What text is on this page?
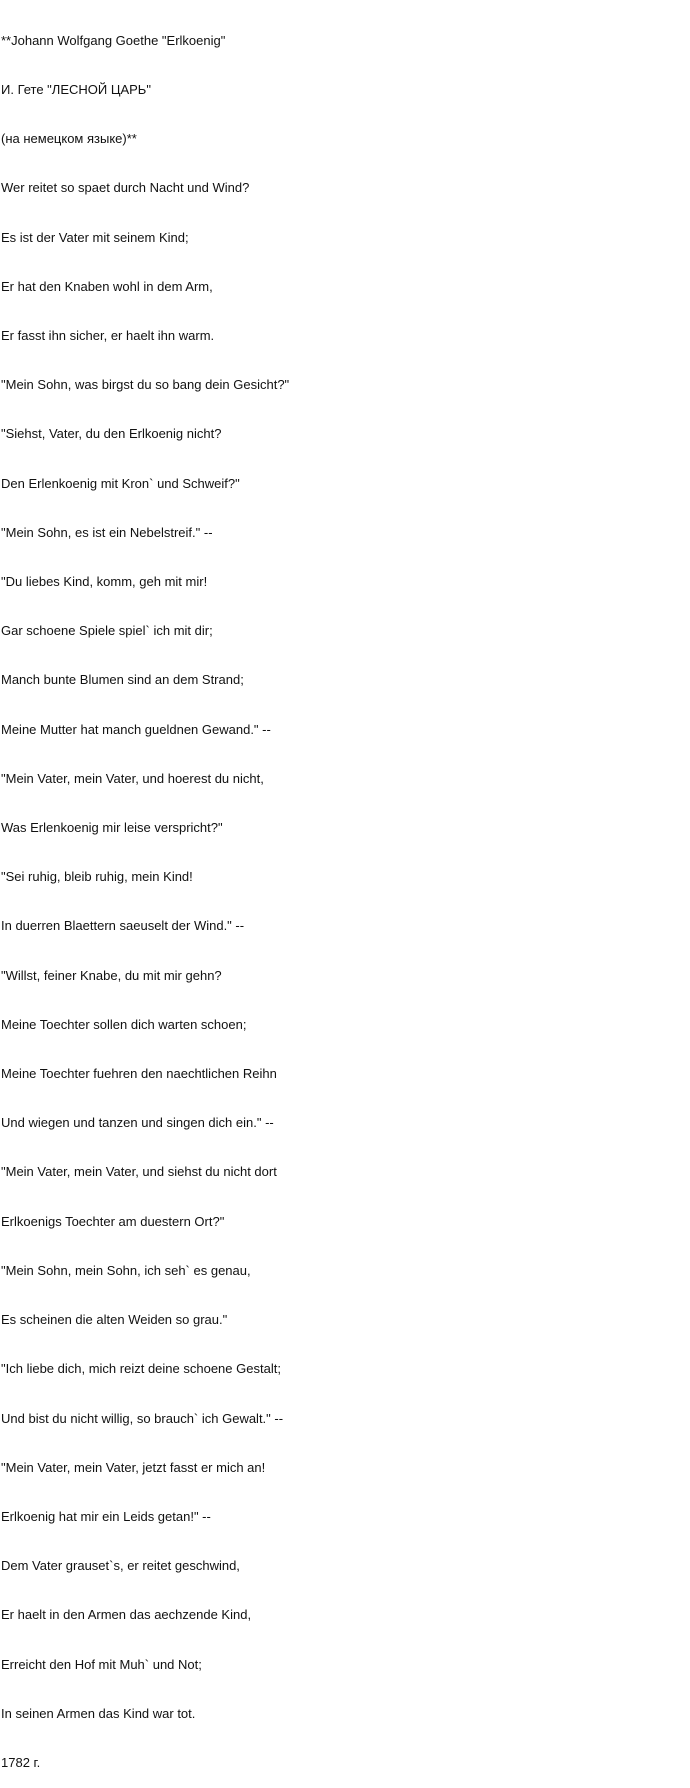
**Johann Wolfgang Goethe "Erlkoenig"

И. Гете "ЛЕСНОЙ ЦАРЬ"

(на немецком языке)**

Wer reitet so spaet durch Nacht und Wind?

Es ist der Vater mit seinem Kind;

Er hat den Knaben wohl in dem Arm,

Er fasst ihn sicher, er haelt ihn warm.

"Mein Sohn, was birgst du so bang dein Gesicht?"

"Siehst, Vater, du den Erlkoenig nicht?

Den Erlenkoenig mit Kron` und Schweif?"

"Mein Sohn, es ist ein Nebelstreif." --

"Du liebes Kind, komm, geh mit mir!

Gar schoene Spiele spiel` ich mit dir;

Manch bunte Blumen sind an dem Strand;

Meine Mutter hat manch gueldnen Gewand." --

"Mein Vater, mein Vater, und hoerest du nicht,

Was Erlenkoenig mir leise verspricht?"

"Sei ruhig, bleib ruhig, mein Kind!

In duerren Blaettern saeuselt der Wind." --

"Willst, feiner Knabe, du mit mir gehn?

Meine Toechter sollen dich warten schoen;

Meine Toechter fuehren den naechtlichen Reihn

Und wiegen und tanzen und singen dich ein." --

"Mein Vater, mein Vater, und siehst du nicht dort

Erlkoenigs Toechter am duestern Ort?"

"Mein Sohn, mein Sohn, ich seh` es genau,

Es scheinen die alten Weiden so grau."

"Ich liebe dich, mich reizt deine schoene Gestalt;

Und bist du nicht willig, so brauch` ich Gewalt." --

"Mein Vater, mein Vater, jetzt fasst er mich an!

Erlkoenig hat mir ein Leids getan!" --

Dem Vater grauset`s, er reitet geschwind,

Er haelt in den Armen das aechzende Kind,

Erreicht den Hof mit Muh` und Not;

In seinen Armen das Kind war tot.

1782 г.
